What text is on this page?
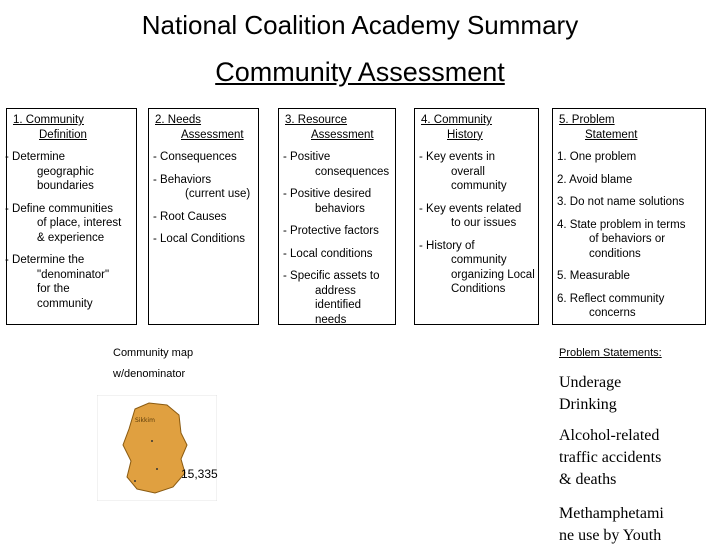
National Coalition Academy Summary
Community Assessment
1. Community
Definition
- Determine
geographic
boundaries
- Define communities
of place, interest
& experience
- Determine the
"denominator"
for the
community
2. Needs
Assessment
- Consequences
- Behaviors
(current use)
- Root Causes
- Local Conditions
3. Resource
Assessment
- Positive
consequences
- Positive desired
behaviors
- Protective factors
- Local conditions
- Specific assets to
address
identified needs
4. Community
History
- Key events in
overall
community
- Key events related
to our issues
- History of
community
organizing Local
Conditions
5. Problem
Statement
1. One problem
2. Avoid blame
3. Do not name solutions
4. State problem in terms
of behaviors or
conditions
5. Measurable
6. Reflect community
concerns
Community map
w/denominator
Sikkim
15,335
Problem Statements:
Underage
Drinking
Alcohol-related
traffic accidents
& deaths
Methamphetami
ne use by Youth
